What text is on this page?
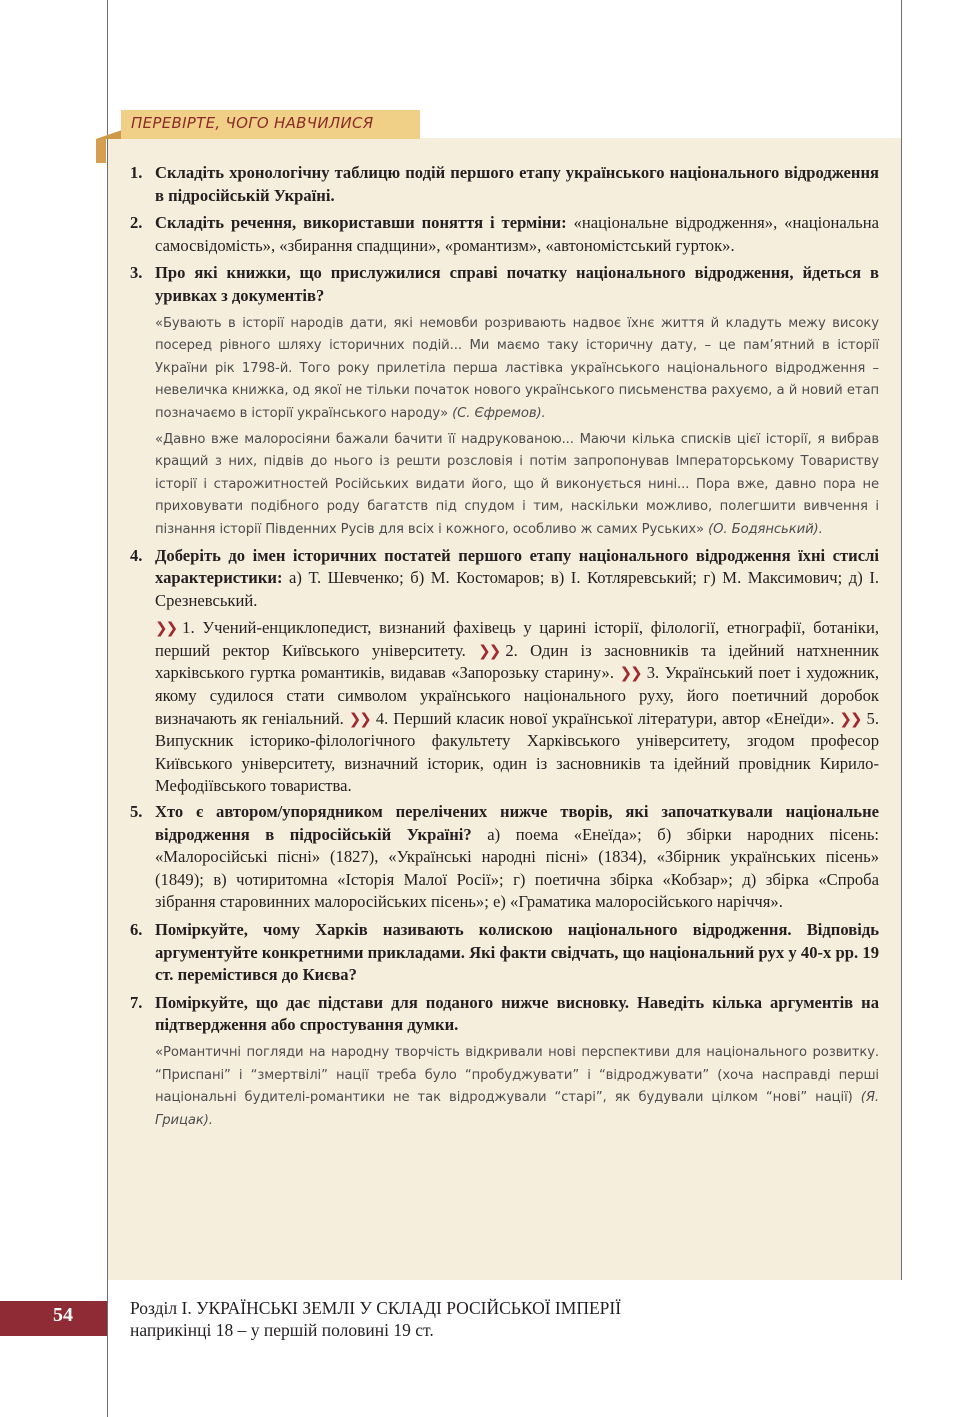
ПЕРЕВІРТЕ, ЧОГО НАВЧИЛИСЯ
1. Складіть хронологічну таблицю подій першого етапу українського національного відродження в підросійській Україні.
2. Складіть речення, використавши поняття і терміни: «національне відродження», «національна самосвідомість», «збирання спадщини», «романтизм», «автономістський гурток».
3. Про які книжки, що прислужилися справі початку національного відродження, йдеться в уривках з документів?

«Бувають в історії народів дати, які немовби розривають надвоє їхнє життя й кладуть межу високу посеред рівного шляху історичних подій... Ми маємо таку історичну дату, – це пам’ятний в історії України рік 1798-й. Того року прилетіла перша ластівка українського національного відродження – невеличка книжка, од якої не тільки початок нового українського письменства рахуємо, а й новий етап позначаємо в історії українського народу» (С. Єфремов).

«Давно вже малоросіяни бажали бачити її надрукованою... Маючи кілька списків цієї історії, я вибрав кращий з них, підвів до нього із решти розсловія і потім запропонував Імператорському Товариству історії і старожитностей Російських видати його, що й виконується нині... Пора вже, давно пора не приховувати подібного роду багатств під спудом і тим, наскільки можливо, полегшити вивчення і пізнання історії Південних Русів для всіх і кожного, особливо ж самих Руських» (О. Бодянський).

4. Доберіть до імен історичних постатей першого етапу національного відродження їхні стислі характеристики: а) Т. Шевченко; б) М. Костомаров; в) І. Котляревський; г) М. Максимович; д) І. Срезневський.

❯❯ 1. Учений-енциклопедист, визнаний фахівець у царині історії, філології, етнографії, ботаніки, перший ректор Київського університету. ❯❯ 2. Один із засновників та ідейний натхненник харківського гуртка романтиків, видавав «Запорозьку старину». ❯❯ 3. Український поет і художник, якому судилося стати символом українського національного руху, його поетичний доробок визначають як геніальний. ❯❯ 4. Перший класик нової української літератури, автор «Енеїди». ❯❯ 5. Випускник історико-філологічного факультету Харківського університету, згодом професор Київського університету, визначний історик, один із засновників та ідейний провідник Кирило-Мефодіївського товариства.

5. Хто є автором/упорядником перелічених нижче творів, які започаткували національне відродження в підросійській Україні? а) поема «Енеїда»; б) збірки народних пісень: «Малоросійські пісні» (1827), «Українські народні пісні» (1834), «Збірник українських пісень» (1849); в) чотиритомна «Історія Малої Росії»; г) поетична збірка «Кобзар»; д) збірка «Спроба зібрання старовинних малоросійських пісень»; е) «Граматика малоросійського наріччя».
6. Поміркуйте, чому Харків називають колискою національного відродження. Відповідь аргументуйте конкретними прикладами. Які факти свідчать, що національний рух у 40-х рр. 19 ст. перемістився до Києва?
7. Поміркуйте, що дає підстави для поданого нижче висновку. Наведіть кілька аргументів на підтвердження або спростування думки.

«Романтичні погляди на народну творчість відкривали нові перспективи для національного розвитку. “Приспані” і “змертвілі” нації треба було “пробуджувати” і “відроджувати” (хоча насправді перші національні будителі-романтики не так відроджували “старі”, як будували цілком “нові” нації) (Я. Грицак).

54	Розділ І. УКРАЇНСЬКІ ЗЕМЛІ У СКЛАДІ РОСІЙСЬКОЇ ІМПЕРІЇ
наприкінці 18 – у першій половині 19 ст.
